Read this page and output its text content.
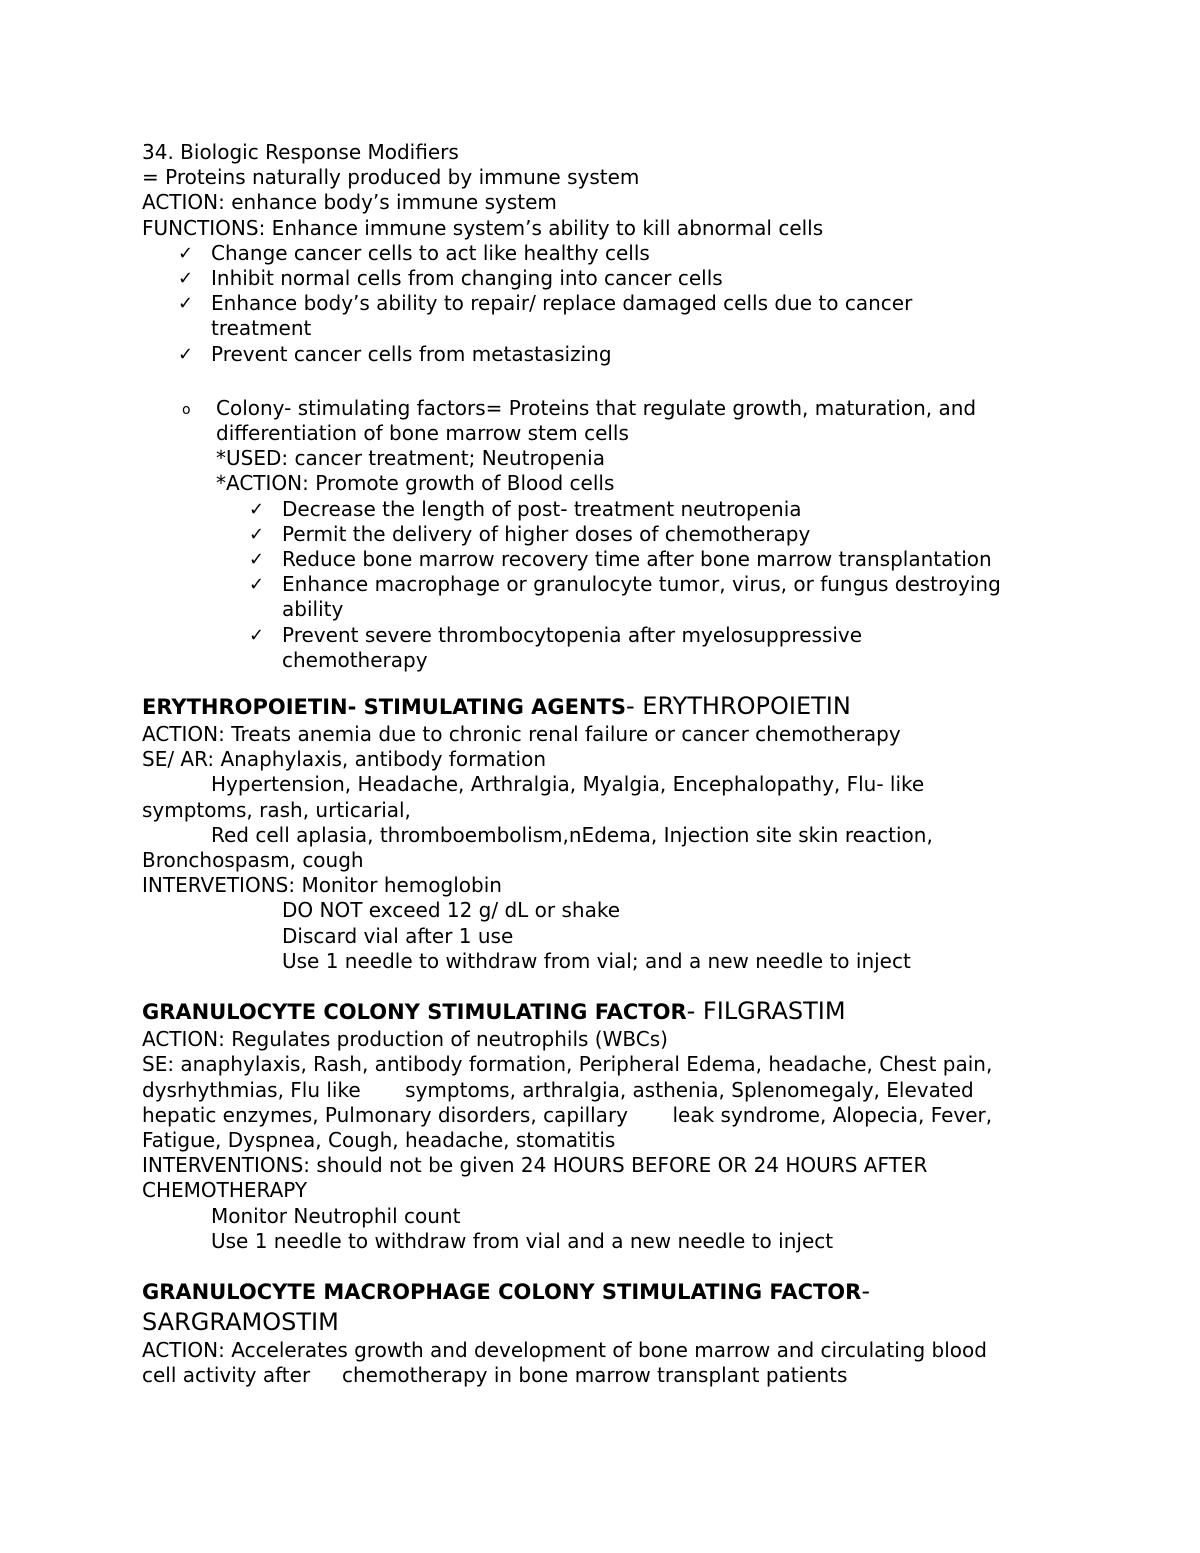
34. Biologic Response Modifiers
= Proteins naturally produced by immune system
ACTION: enhance body’s immune system
FUNCTIONS: Enhance immune system’s ability to kill abnormal cells
✓ Change cancer cells to act like healthy cells
✓ Inhibit normal cells from changing into cancer cells
✓ Enhance body’s ability to repair/ replace damaged cells due to cancer
treatment
✓ Prevent cancer cells from metastasizing
o Colony- stimulating factors= Proteins that regulate growth, maturation, and
differentiation of bone marrow stem cells
*USED: cancer treatment; Neutropenia
*ACTION: Promote growth of Blood cells
✓ Decrease the length of post- treatment neutropenia
✓ Permit the delivery of higher doses of chemotherapy
✓ Reduce bone marrow recovery time after bone marrow transplantation
✓ Enhance macrophage or granulocyte tumor, virus, or fungus destroying
ability
✓ Prevent severe thrombocytopenia after myelosuppressive
chemotherapy
ERYTHROPOIETIN- STIMULATING AGENTS- ERYTHROPOIETIN
ACTION: Treats anemia due to chronic renal failure or cancer chemotherapy
SE/ AR: Anaphylaxis, antibody formation
Hypertension, Headache, Arthralgia, Myalgia, Encephalopathy, Flu- like
symptoms, rash, urticarial,
Red cell aplasia, thromboembolism,nEdema, Injection site skin reaction,
Bronchospasm, cough
INTERVETIONS: Monitor hemoglobin
DO NOT exceed 12 g/ dL or shake
Discard vial after 1 use
Use 1 needle to withdraw from vial; and a new needle to inject
GRANULOCYTE COLONY STIMULATING FACTOR- FILGRASTIM
ACTION: Regulates production of neutrophils (WBCs)
SE: anaphylaxis, Rash, antibody formation, Peripheral Edema, headache, Chest pain,
dysrhythmias, Flu like       symptoms, arthralgia, asthenia, Splenomegaly, Elevated
hepatic enzymes, Pulmonary disorders, capillary       leak syndrome, Alopecia, Fever,
Fatigue, Dyspnea, Cough, headache, stomatitis
INTERVENTIONS: should not be given 24 HOURS BEFORE OR 24 HOURS AFTER
CHEMOTHERAPY
Monitor Neutrophil count
Use 1 needle to withdraw from vial and a new needle to inject
GRANULOCYTE MACROPHAGE COLONY STIMULATING FACTOR-
SARGRAMOSTIM
ACTION: Accelerates growth and development of bone marrow and circulating blood
cell activity after     chemotherapy in bone marrow transplant patients
